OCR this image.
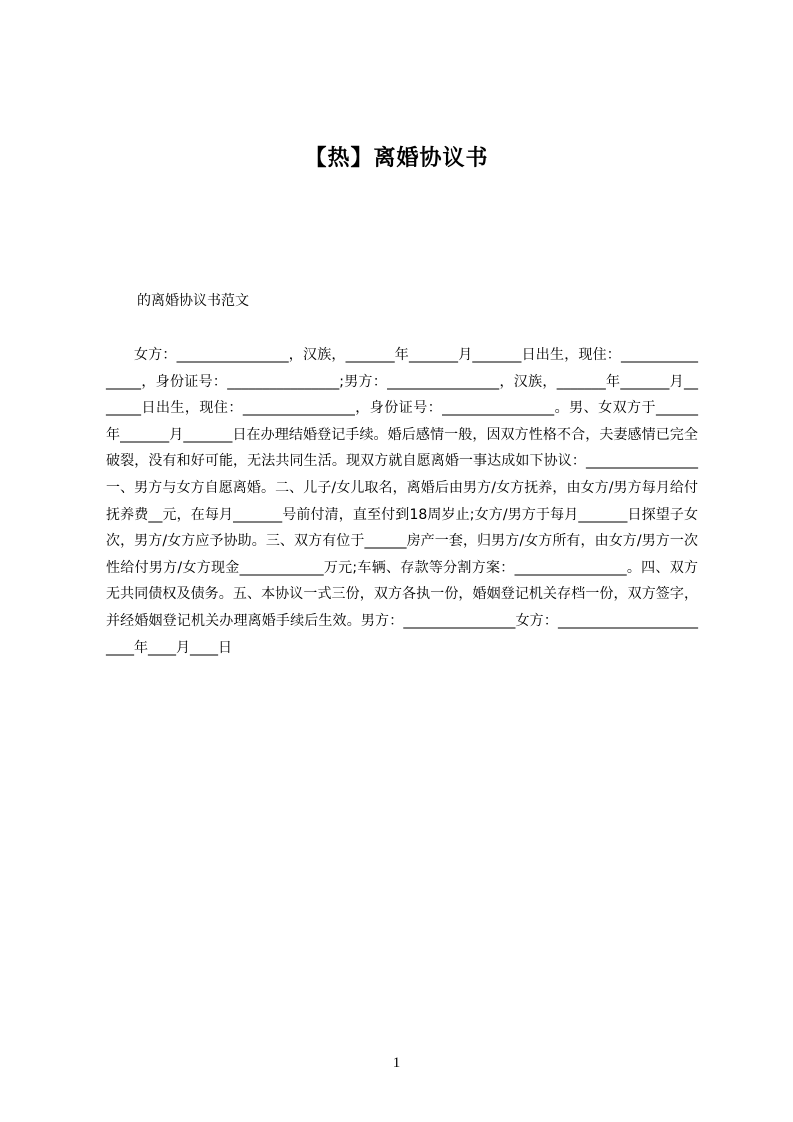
【热】离婚协议书

的离婚协议书范文

女方：________________，汉族，_______年_______月_______日出生，现住：________________，身份证号：________________;男方：________________，汉族，_______年_______月_______日出生，现住：________________，身份证号：________________。男、女双方于______年_______月_______日在办理结婚登记手续。婚后感情一般，因双方性格不合，夫妻感情已完全破裂，没有和好可能，无法共同生活。现双方就自愿离婚一事达成如下协议：________________一、男方与女方自愿离婚。二、儿子/女儿取名，离婚后由男方/女方抚养，由女方/男方每月给付抚养费__元，在每月_______号前付清，直至付到18周岁止;女方/男方于每月_______日探望子女次，男方/女方应予协助。三、双方有位于______房产一套，归男方/女方所有，由女方/男方一次性给付男方/女方现金____________万元;车辆、存款等分割方案：________________。四、双方无共同债权及债务。五、本协议一式三份，双方各执一份，婚姻登记机关存档一份，双方签字，并经婚姻登记机关办理离婚手续后生效。男方：________________女方：________________________年____月____日

1
